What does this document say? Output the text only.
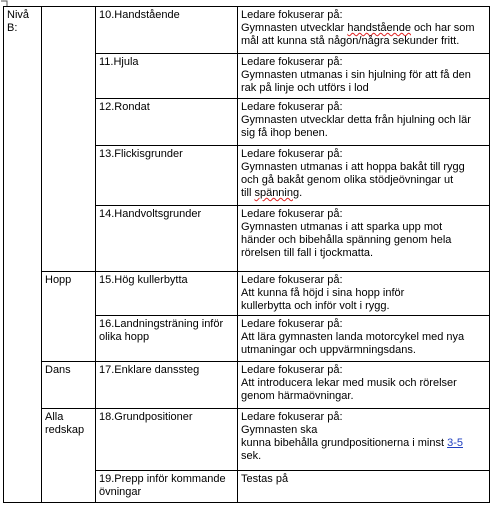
Nivå B:		10.Handstående	Ledare fokuserar på:
Gymnasten utvecklar handstående och har som
mål att kunna stå någon/några sekunder fritt.

		11.Hjula	Ledare fokuserar på:
Gymnasten utmanas i sin hjulning för att få den
rak på linje och utförs i lod

		12.Rondat	Ledare fokuserar på:
Gymnasten utvecklar detta från hjulning och lär
sig få ihop benen.

		13.Flickisgrunder	Ledare fokuserar på:
Gymnasten utmanas i att hoppa bakåt till rygg
och gå bakåt genom olika stödjeövningar ut
till spänning.

		14.Handvoltsgrunder	Ledare fokuserar på:
Gymnasten utmanas i att sparka upp mot
händer och bibehålla spänning genom hela
rörelsen till fall i tjockmatta.

	Hopp	15.Hög kullerbytta	Ledare fokuserar på:
Att kunna få höjd i sina hopp inför
kullerbytta och inför volt i rygg.

		16.Landningsträning inför
olika hopp	Ledare fokuserar på:
Att lära gymnasten landa motorcykel med nya
utmaningar och uppvärmningsdans.

	Dans	17.Enklare danssteg	Ledare fokuserar på:
Att introducera lekar med musik och rörelser
genom härmaövningar.

	Alla redskap	18.Grundpositioner	Ledare fokuserar på:
Gymnasten ska
kunna bibehålla grundpositionerna i minst 3-5
sek.

		19.Prepp inför kommande
övningar	Testas på
